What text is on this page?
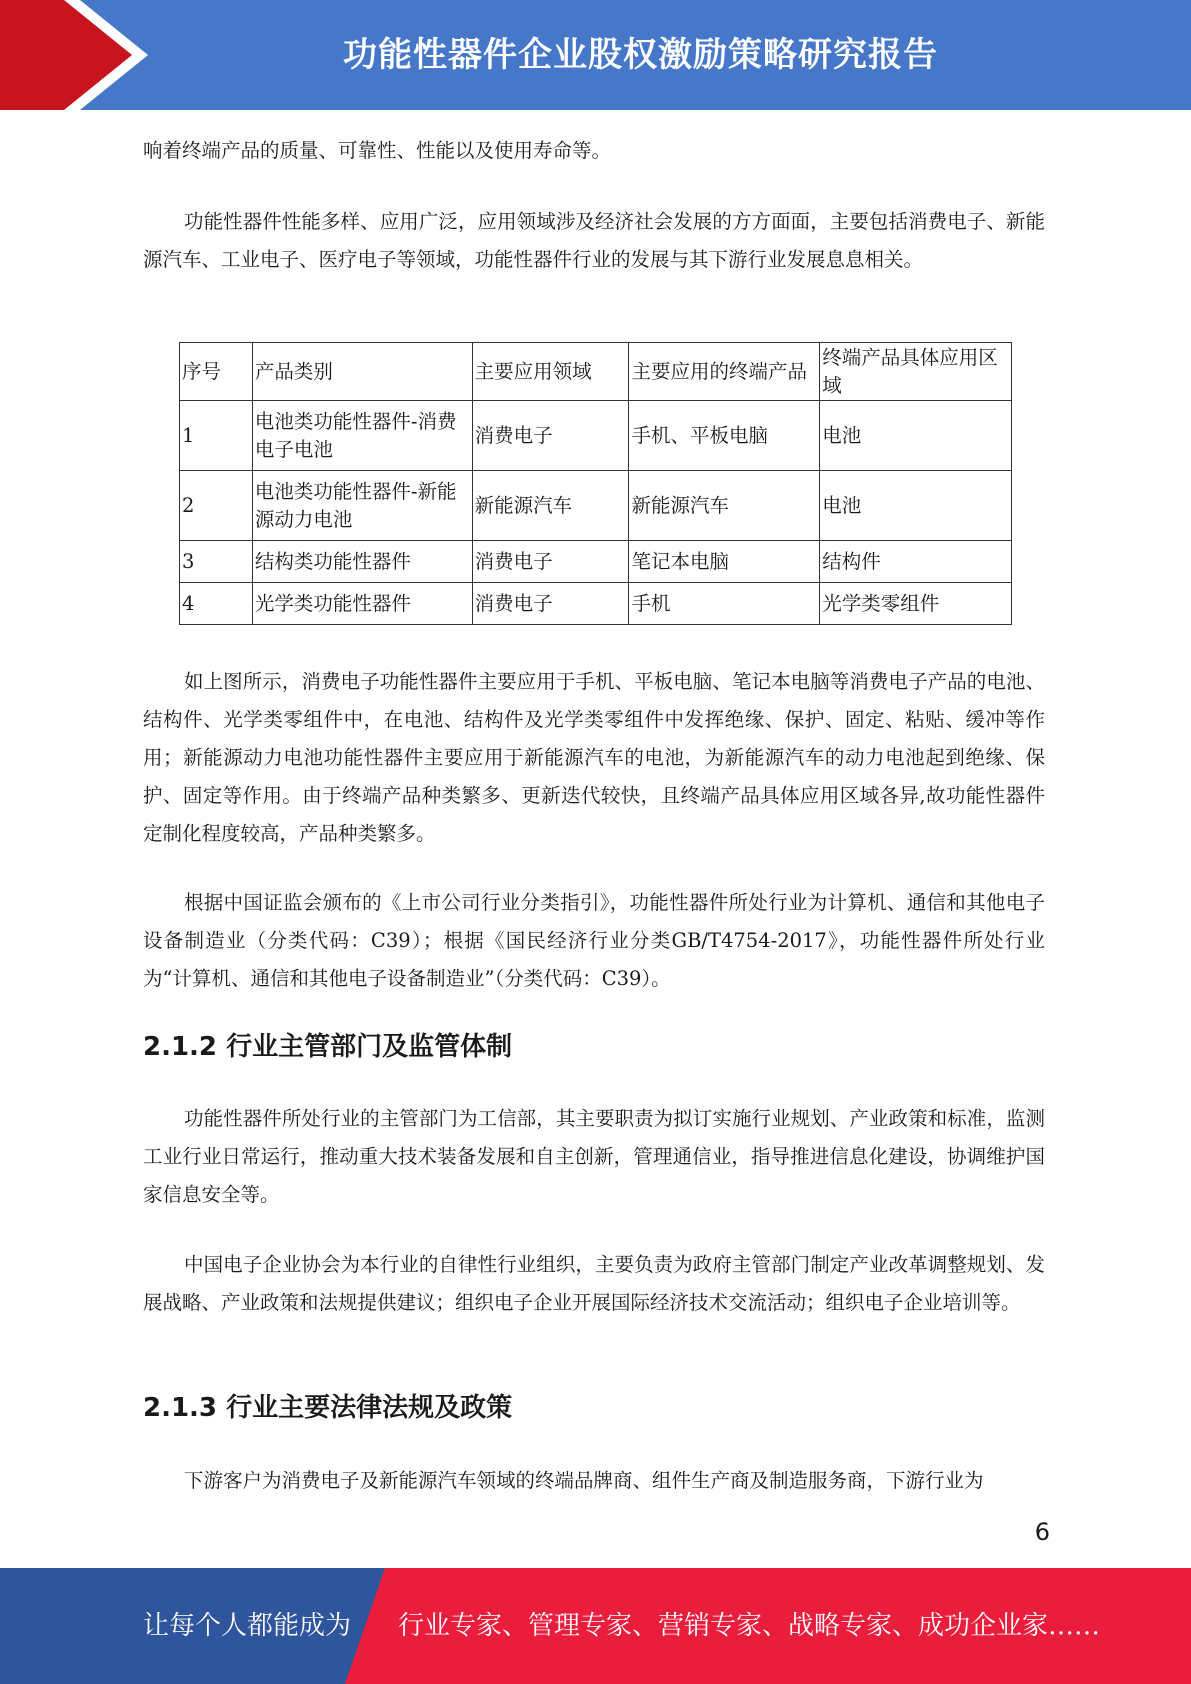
功能性器件企业股权激励策略研究报告

响着终端产品的质量、可靠性、性能以及使用寿命等。

功能性器件性能多样、应用广泛，应用领域涉及经济社会发展的方方面面，主要包括消费电子、新能源汽车、工业电子、医疗电子等领域，功能性器件行业的发展与其下游行业发展息息相关。

如上图所示，消费电子功能性器件主要应用于手机、平板电脑、笔记本电脑等消费电子产品的电池、结构件、光学类零组件中，在电池、结构件及光学类零组件中发挥绝缘、保护、固定、粘贴、缓冲等作用；新能源动力电池功能性器件主要应用于新能源汽车的电池，为新能源汽车的动力电池起到绝缘、保护、固定等作用。由于终端产品种类繁多、更新迭代较快，且终端产品具体应用区域各异,故功能性器件定制化程度较高，产品种类繁多。

根据中国证监会颁布的《上市公司行业分类指引》，功能性器件所处行业为计算机、通信和其他电子设备制造业（分类代码：C39）；根据《国民经济行业分类GB/T4754-2017》，功能性器件所处行业为“计算机、通信和其他电子设备制造业”（分类代码：C39）。

2.1.2 行业主管部门及监管体制

功能性器件所处行业的主管部门为工信部，其主要职责为拟订实施行业规划、产业政策和标准，监测工业行业日常运行，推动重大技术装备发展和自主创新，管理通信业，指导推进信息化建设，协调维护国家信息安全等。

中国电子企业协会为本行业的自律性行业组织，主要负责为政府主管部门制定产业改革调整规划、发展战略、产业政策和法规提供建议；组织电子企业开展国际经济技术交流活动；组织电子企业培训等。

2.1.3 行业主要法律法规及政策

下游客户为消费电子及新能源汽车领域的终端品牌商、组件生产商及制造服务商，下游行业为

序号	产品类别	主要应用领域	主要应用的终端产品	终端产品具体应用区域
1	电池类功能性器件-消费电子电池	消费电子	手机、平板电脑	电池
2	电池类功能性器件-新能源动力电池	新能源汽车	新能源汽车	电池
3	结构类功能性器件	消费电子	笔记本电脑	结构件
4	光学类功能性器件	消费电子	手机	光学类零组件
6
让每个人都能成为 行业专家、管理专家、营销专家、战略专家、成功企业家……
